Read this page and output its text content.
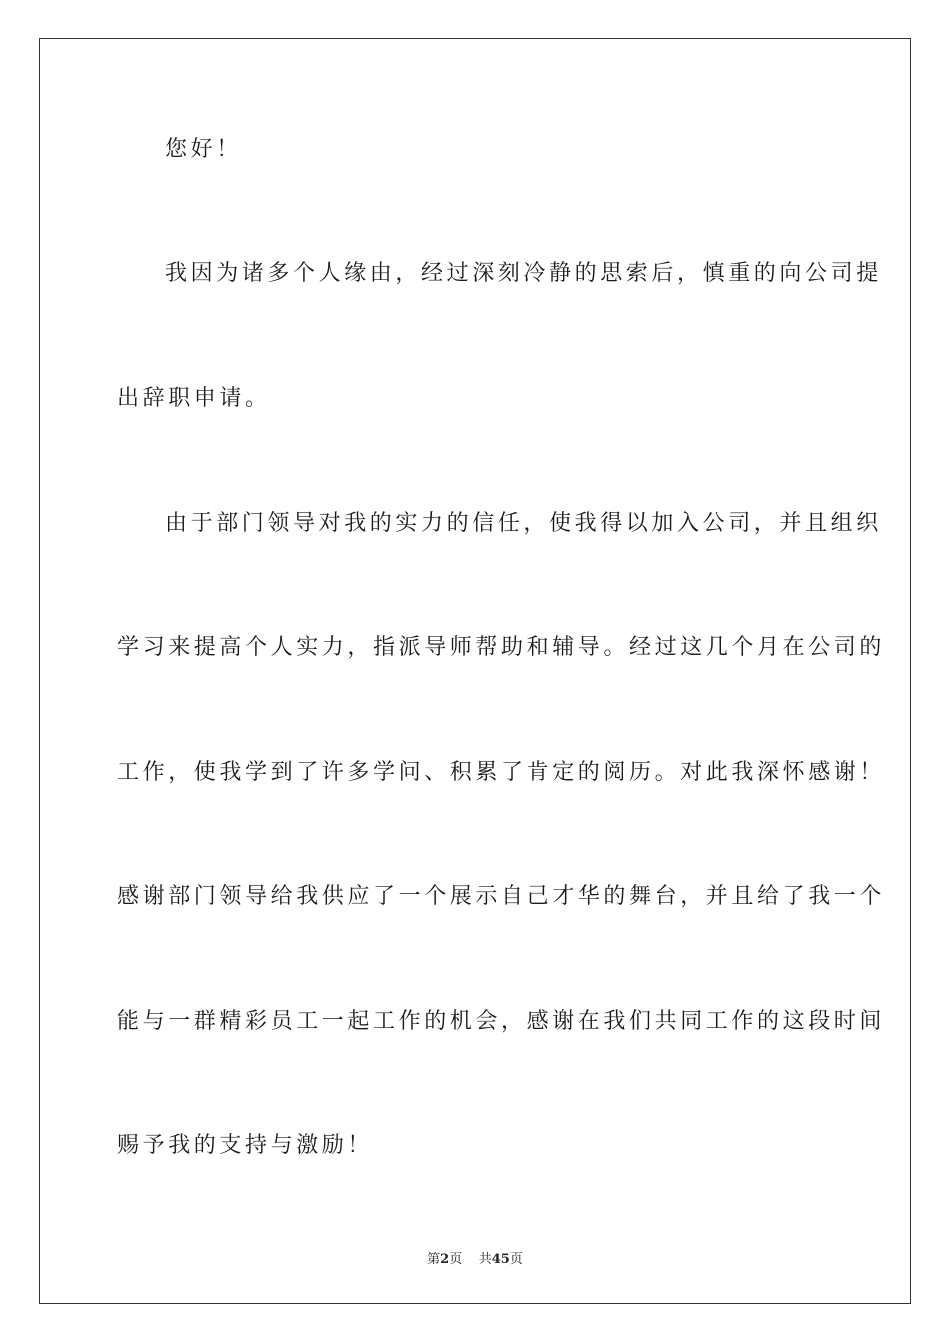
您好！
我因为诸多个人缘由，经过深刻冷静的思索后，慎重的向公司提
出辞职申请。
由于部门领导对我的实力的信任，使我得以加入公司，并且组织
学习来提高个人实力，指派导师帮助和辅导。经过这几个月在公司的
工作，使我学到了许多学问、积累了肯定的阅历。对此我深怀感谢！
感谢部门领导给我供应了一个展示自己才华的舞台，并且给了我一个
能与一群精彩员工一起工作的机会，感谢在我们共同工作的这段时间
赐予我的支持与激励！
第2页 共45页
